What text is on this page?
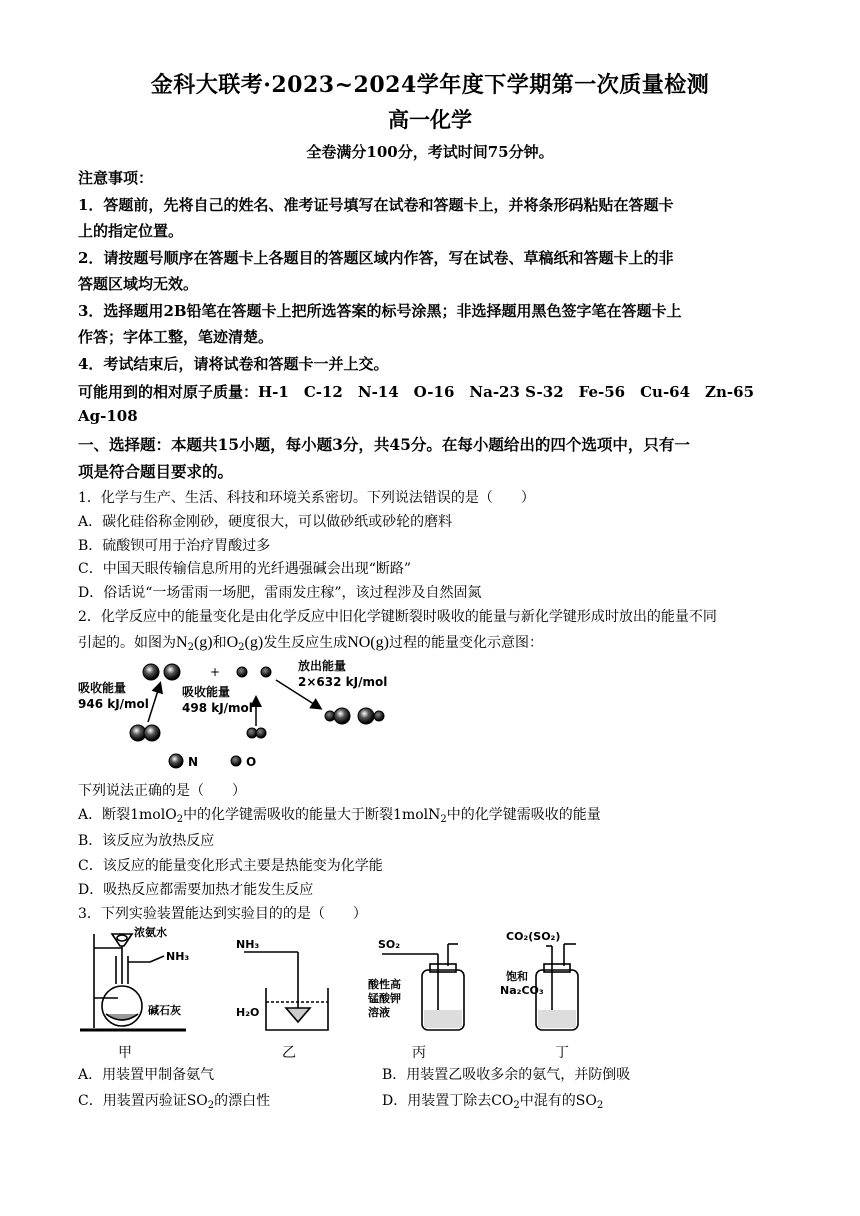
金科大联考·2023~2024学年度下学期第一次质量检测
高一化学
全卷满分100分，考试时间75分钟。
注意事项：
1．答题前，先将自己的姓名、准考证号填写在试卷和答题卡上，并将条形码粘贴在答题卡
上的指定位置。
2．请按题号顺序在答题卡上各题目的答题区域内作答，写在试卷、草稿纸和答题卡上的非
答题区域均无效。
3．选择题用2B铅笔在答题卡上把所选答案的标号涂黑；非选择题用黑色签字笔在答题卡上
作答；字体工整，笔迹清楚。
4．考试结束后，请将试卷和答题卡一并上交。
可能用到的相对原子质量：H-1　C-12　N-14　O-16　Na-23 S-32　Fe-56　Cu-64　Zn-65
Ag-108
一、选择题：本题共15小题，每小题3分，共45分。在每小题给出的四个选项中，只有一
项是符合题目要求的。
1．化学与生产、生活、科技和环境关系密切。下列说法错误的是（　　）
A．碳化硅俗称金刚砂，硬度很大，可以做砂纸或砂轮的磨料
B．硫酸钡可用于治疗胃酸过多
C．中国天眼传输信息所用的光纤遇强碱会出现“断路”
D．俗话说“一场雷雨一场肥，雷雨发庄稼”，该过程涉及自然固氮
2．化学反应中的能量变化是由化学反应中旧化学键断裂时吸收的能量与新化学键形成时放出的能量不同
引起的。如图为$N_2(g)$和$O_2(g)$发生反应生成NO(g)过程的能量变化示意图：
+
吸收能量
946 kJ/mol
吸收能量
498 kJ/mol
放出能量
2×632 kJ/mol
N	O
下列说法正确的是（　　）
A．断裂1molO$_2$中的化学键需吸收的能量大于断裂1molN$_2$中的化学键需吸收的能量
B．该反应为放热反应
C．该反应的能量变化形式主要是热能变为化学能
D．吸热反应都需要加热才能发生反应
3．下列实验装置能达到实验目的的是（　　）
浓氨水
NH₃
碱石灰
NH₃
H₂O
SO₂
酸性高
锰酸钾
溶液
CO₂(SO₂)
饱和
Na₂CO₃
甲	乙	丙	丁
A．用装置甲制备氨气	B．用装置乙吸收多余的氨气，并防倒吸
C．用装置丙验证$SO_2$的漂白性	D．用装置丁除去$CO_2$中混有的$SO_2$
